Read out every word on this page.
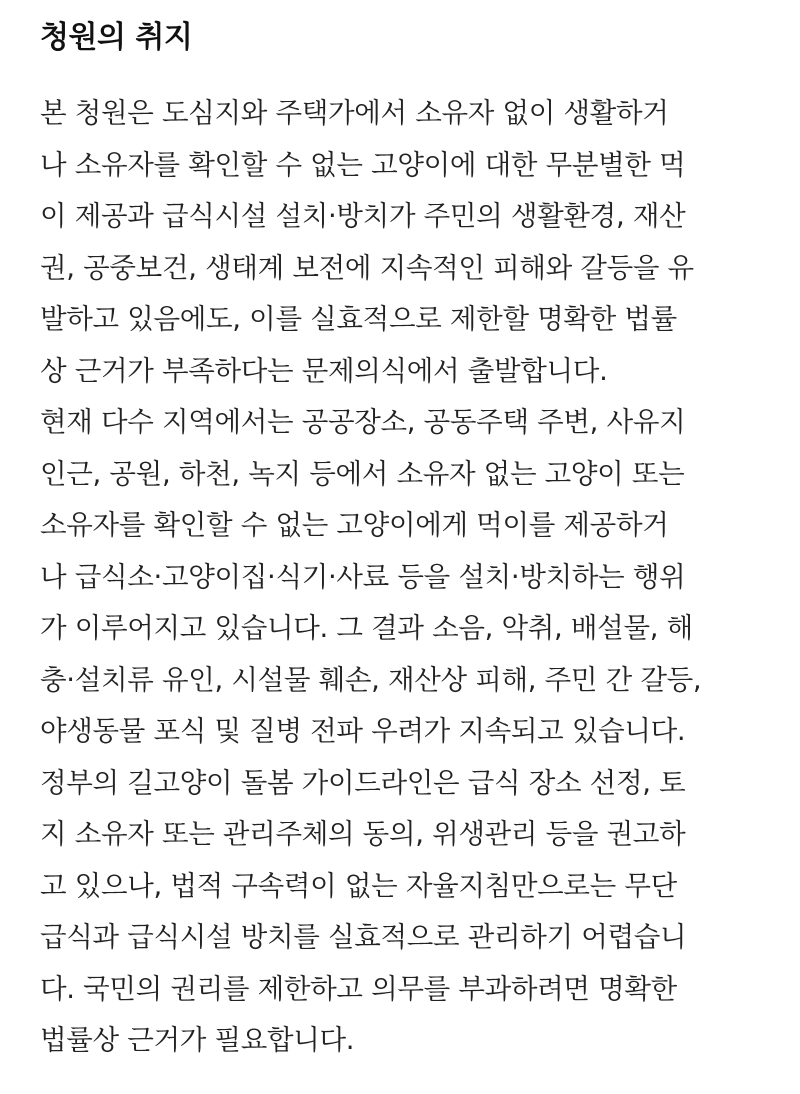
청원의 취지
본 청원은 도심지와 주택가에서 소유자 없이 생활하거
나 소유자를 확인할 수 없는 고양이에 대한 무분별한 먹
이 제공과 급식시설 설치·방치가 주민의 생활환경, 재산
권, 공중보건, 생태계 보전에 지속적인 피해와 갈등을 유
발하고 있음에도, 이를 실효적으로 제한할 명확한 법률
상 근거가 부족하다는 문제의식에서 출발합니다.
현재 다수 지역에서는 공공장소, 공동주택 주변, 사유지
인근, 공원, 하천, 녹지 등에서 소유자 없는 고양이 또는
소유자를 확인할 수 없는 고양이에게 먹이를 제공하거
나 급식소·고양이집·식기·사료 등을 설치·방치하는 행위
가 이루어지고 있습니다. 그 결과 소음, 악취, 배설물, 해
충·설치류 유인, 시설물 훼손, 재산상 피해, 주민 간 갈등,
야생동물 포식 및 질병 전파 우려가 지속되고 있습니다.
정부의 길고양이 돌봄 가이드라인은 급식 장소 선정, 토
지 소유자 또는 관리주체의 동의, 위생관리 등을 권고하
고 있으나, 법적 구속력이 없는 자율지침만으로는 무단
급식과 급식시설 방치를 실효적으로 관리하기 어렵습니
다. 국민의 권리를 제한하고 의무를 부과하려면 명확한
법률상 근거가 필요합니다.
